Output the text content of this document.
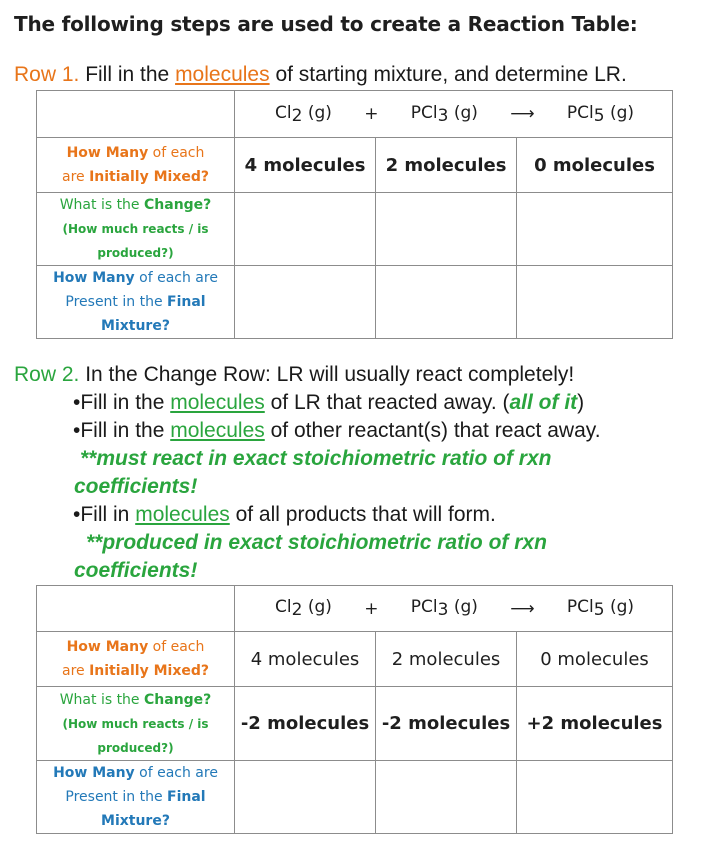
The following steps are used to create a Reaction Table:
Row 1. Fill in the molecules of starting mixture, and determine LR.

	$Cl_2$ (g) + PCl$_3$ (g) ⟶ PCl$_5$ (g)		

How Many of each
are Initially Mixed?	4 molecules	2 molecules	0 molecules
What is the Change?
(How much reacts / is
produced?)			
How Many of each are
Present in the Final
Mixture?			
Row 2. In the Change Row: LR will usually react completely!
•Fill in the molecules of LR that reacted away. (all of it)
•Fill in the molecules of other reactant(s) that react away.
**must react in exact stoichiometric ratio of rxn
coefficients!
•Fill in molecules of all products that will form.
**produced in exact stoichiometric ratio of rxn
coefficients!

	$Cl_2$ (g) + PCl$_3$ (g) ⟶ PCl$_5$ (g)		

How Many of each
are Initially Mixed?	4 molecules	2 molecules	0 molecules
What is the Change?
(How much reacts / is
produced?)	-2 molecules	-2 molecules	+2 molecules
How Many of each are
Present in the Final
Mixture?			
